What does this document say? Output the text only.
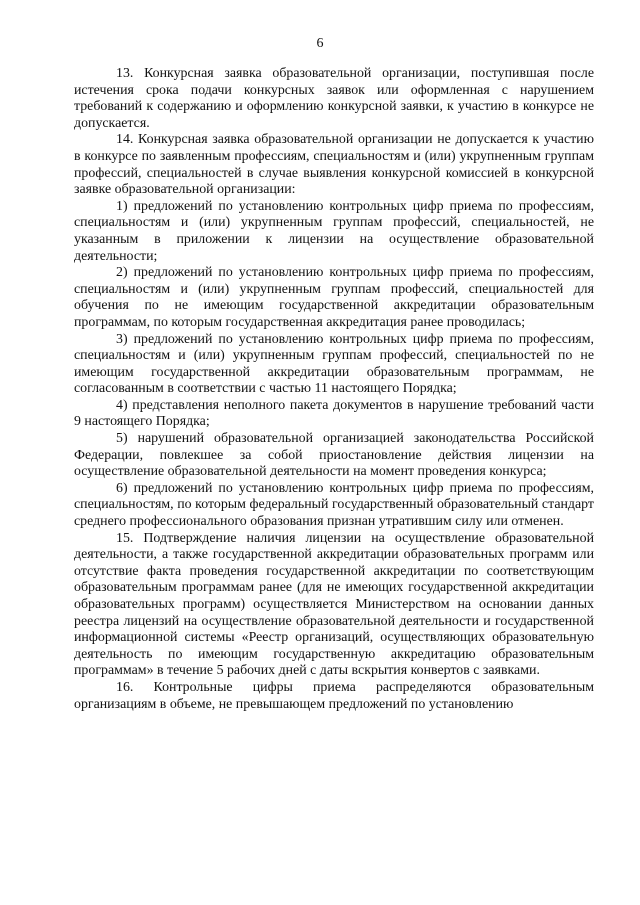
6

13. Конкурсная заявка образовательной организации, поступившая после истечения срока подачи конкурсных заявок или оформленная с нарушением требований к содержанию и оформлению конкурсной заявки, к участию в конкурсе не допускается.

14. Конкурсная заявка образовательной организации не допускается к участию в конкурсе по заявленным профессиям, специальностям и (или) укрупненным группам профессий, специальностей в случае выявления конкурсной комиссией в конкурсной заявке образовательной организации:

1) предложений по установлению контрольных цифр приема по профессиям, специальностям и (или) укрупненным группам профессий, специальностей, не указанным в приложении к лицензии на осуществление образовательной деятельности;

2) предложений по установлению контрольных цифр приема по профессиям, специальностям и (или) укрупненным группам профессий, специальностей для обучения по не имеющим государственной аккредитации образовательным программам, по которым государственная аккредитация ранее проводилась;

3) предложений по установлению контрольных цифр приема по профессиям, специальностям и (или) укрупненным группам профессий, специальностей по не имеющим государственной аккредитации образовательным программам, не согласованным в соответствии с частью 11 настоящего Порядка;

4) представления неполного пакета документов в нарушение требований части 9 настоящего Порядка;

5) нарушений образовательной организацией законодательства Российской Федерации, повлекшее за собой приостановление действия лицензии на осуществление образовательной деятельности на момент проведения конкурса;

6) предложений по установлению контрольных цифр приема по профессиям, специальностям, по которым федеральный государственный образовательный стандарт среднего профессионального образования признан утратившим силу или отменен.

15. Подтверждение наличия лицензии на осуществление образовательной деятельности, а также государственной аккредитации образовательных программ или отсутствие факта проведения государственной аккредитации по соответствующим образовательным программам ранее (для не имеющих государственной аккредитации образовательных программ) осуществляется Министерством на основании данных реестра лицензий на осуществление образовательной деятельности и государственной информационной системы «Реестр организаций, осуществляющих образовательную деятельность по имеющим государственную аккредитацию образовательным программам» в течение 5 рабочих дней с даты вскрытия конвертов с заявками.

16. Контрольные цифры приема распределяются образовательным организациям в объеме, не превышающем предложений по установлению
